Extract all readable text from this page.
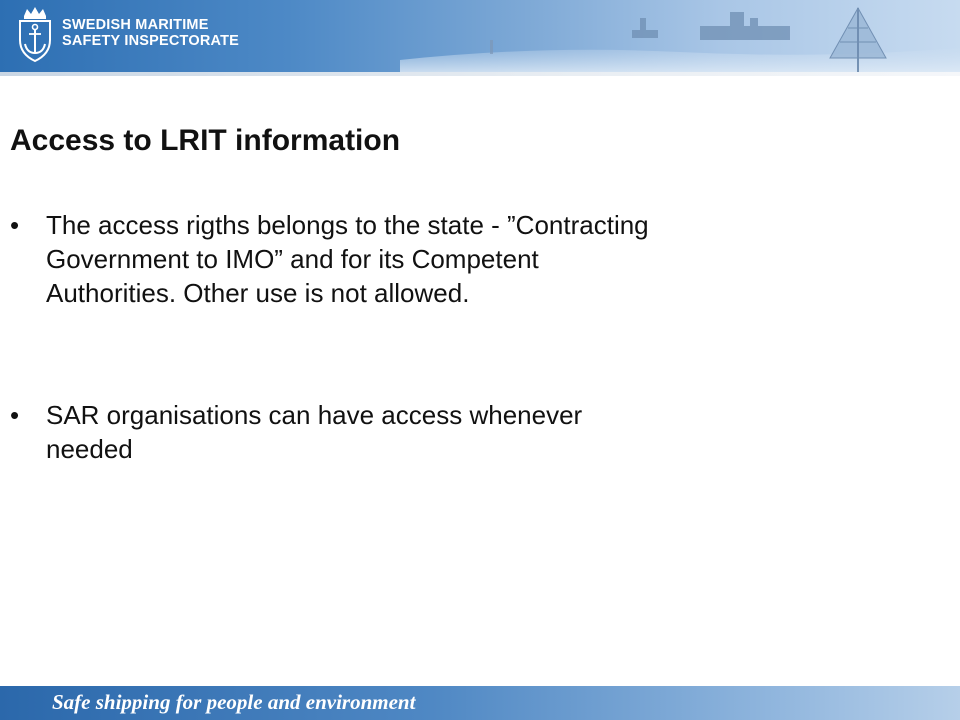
SWEDISH MARITIME
SAFETY INSPECTORATE
Access to LRIT information
• The access rigths belongs to the state - ”Contracting
Government to IMO” and for its Competent
Authorities. Other use is not allowed.
• SAR organisations can have access whenever
needed
Safe shipping for people and environment
